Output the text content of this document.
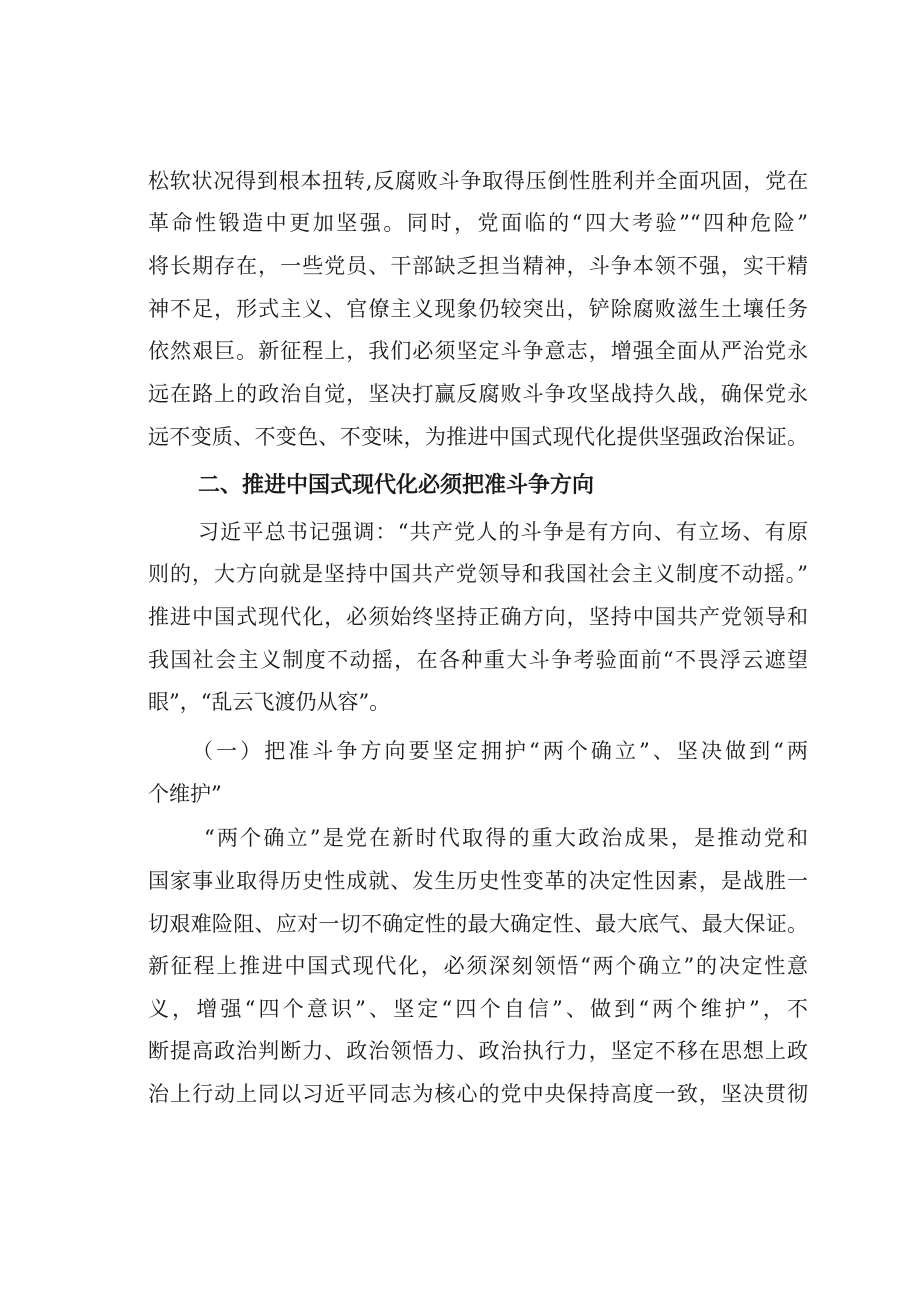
松软状况得到根本扭转,反腐败斗争取得压倒性胜利并全面巩固，党在
革命性锻造中更加坚强。同时，党面临的“四大考验”“四种危险”
将长期存在，一些党员、干部缺乏担当精神，斗争本领不强，实干精
神不足，形式主义、官僚主义现象仍较突出，铲除腐败滋生土壤任务
依然艰巨。新征程上，我们必须坚定斗争意志，增强全面从严治党永
远在路上的政治自觉，坚决打赢反腐败斗争攻坚战持久战，确保党永
远不变质、不变色、不变味，为推进中国式现代化提供坚强政治保证。
二、推进中国式现代化必须把准斗争方向
习近平总书记强调：“共产党人的斗争是有方向、有立场、有原
则的，大方向就是坚持中国共产党领导和我国社会主义制度不动摇。”
推进中国式现代化，必须始终坚持正确方向，坚持中国共产党领导和
我国社会主义制度不动摇，在各种重大斗争考验面前“不畏浮云遮望
眼”，“乱云飞渡仍从容”。
（一）把准斗争方向要坚定拥护“两个确立”、坚决做到“两
个维护”
“两个确立”是党在新时代取得的重大政治成果，是推动党和
国家事业取得历史性成就、发生历史性变革的决定性因素，是战胜一
切艰难险阻、应对一切不确定性的最大确定性、最大底气、最大保证。
新征程上推进中国式现代化，必须深刻领悟“两个确立”的决定性意
义，增强“四个意识”、坚定“四个自信”、做到“两个维护”，不
断提高政治判断力、政治领悟力、政治执行力，坚定不移在思想上政
治上行动上同以习近平同志为核心的党中央保持高度一致，坚决贯彻
